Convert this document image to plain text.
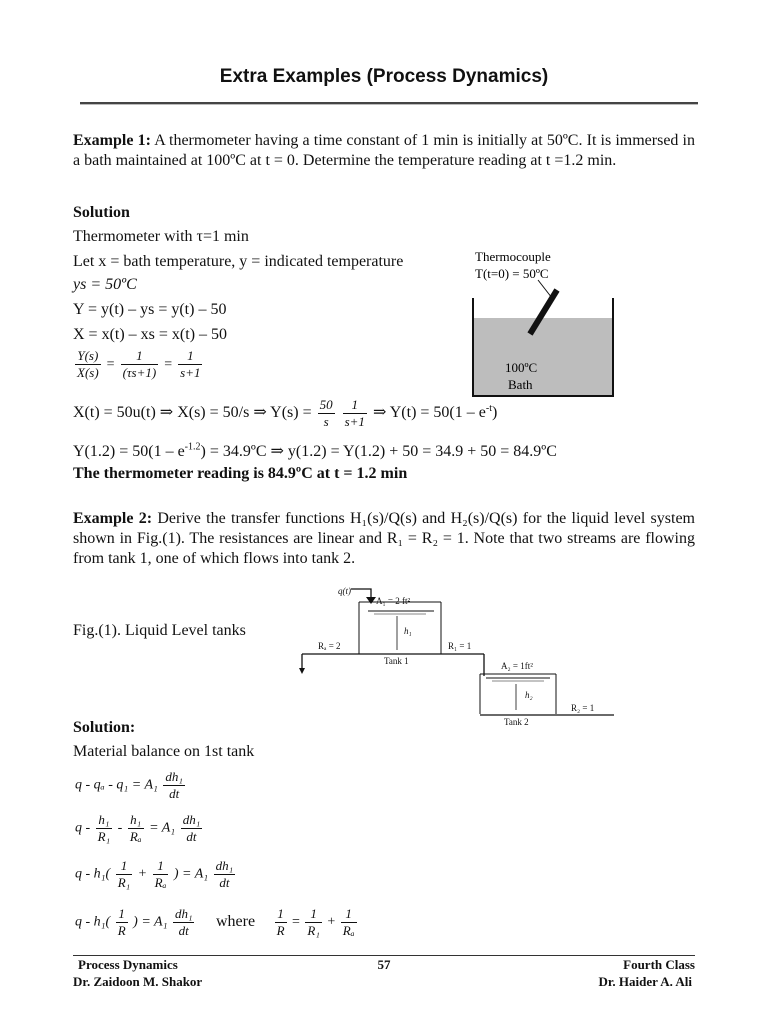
Extra Examples (Process Dynamics)
Example 1: A thermometer having a time constant of 1 min is initially at 50ºC. It is immersed in a bath maintained at 100ºC at t = 0. Determine the temperature reading at t =1.2 min.
Solution
Thermometer with τ=1 min
Let x = bath temperature, y = indicated temperature
ys = 50ºC
Y = y(t) – ys = y(t) – 50
X = x(t) – xs = x(t) – 50
$\frac{Y(s)}{X(s)} = \frac{1}{(\tau s+1)} = \frac{1}{s+1}$
X(t) = 50u(t) ⇒ X(s) = 50/s ⇒ $Y(s) = \frac{50}{s}$
$\frac{1}{s+1}$ ⇒ $Y(t) = 50(1 - e^{-t})$
$Y(1.2) = 50(1 - e^{-1.2})$ = 34.9ºC ⇒ y(1.2) = Y(1.2) + 50 = 34.9 + 50 = 84.9ºC
The thermometer reading is 84.9ºC at t = 1.2 min
Thermocouple
T(t=0) = 50ºC
100ºC
Bath
Example 2: Derive the transfer functions H₁(s)/Q(s) and H₂(s)/Q(s) for the liquid level system shown in Fig.(1). The resistances are linear and R₁ = R₂ = 1. Note that two streams are flowing from tank 1, one of which flows into tank 2.
Fig.(1). Liquid Level tanks
q(t)
A₁ = 2 ft²
h₁
Rₐ = 2
Tank 1
R₁ = 1
A₂ = 1ft²
h₂
R₂ = 1
Tank 2
Solution:
Material balance on 1st tank
$q - q_a - q_1 = A_1 \frac{\text{dh₁}}{dt}$
$q - \frac{\text{h₁}}{\text{R₁}} - \frac{\text{h₁}}{\text{Rₐ}} = A_1 \frac{\text{dh₁}}{dt}$
$q - h_1( \frac{1}{\text{R₁}} + \frac{1}{\text{Rₐ}}$ ) = $A_1 \frac{\text{dh₁}}{dt}$
q - $h_1( \frac{1}{R}$ ) = $A_1 \frac{\text{dh₁}}{dt}$ where $\frac{1}{R} = \frac{1}{\text{R₁}} + \frac{1}{\text{Rₐ}}$
Process Dynamics
Dr. Zaidoon M. Shakor
57	Fourth Class
Dr. Haider A. Ali
